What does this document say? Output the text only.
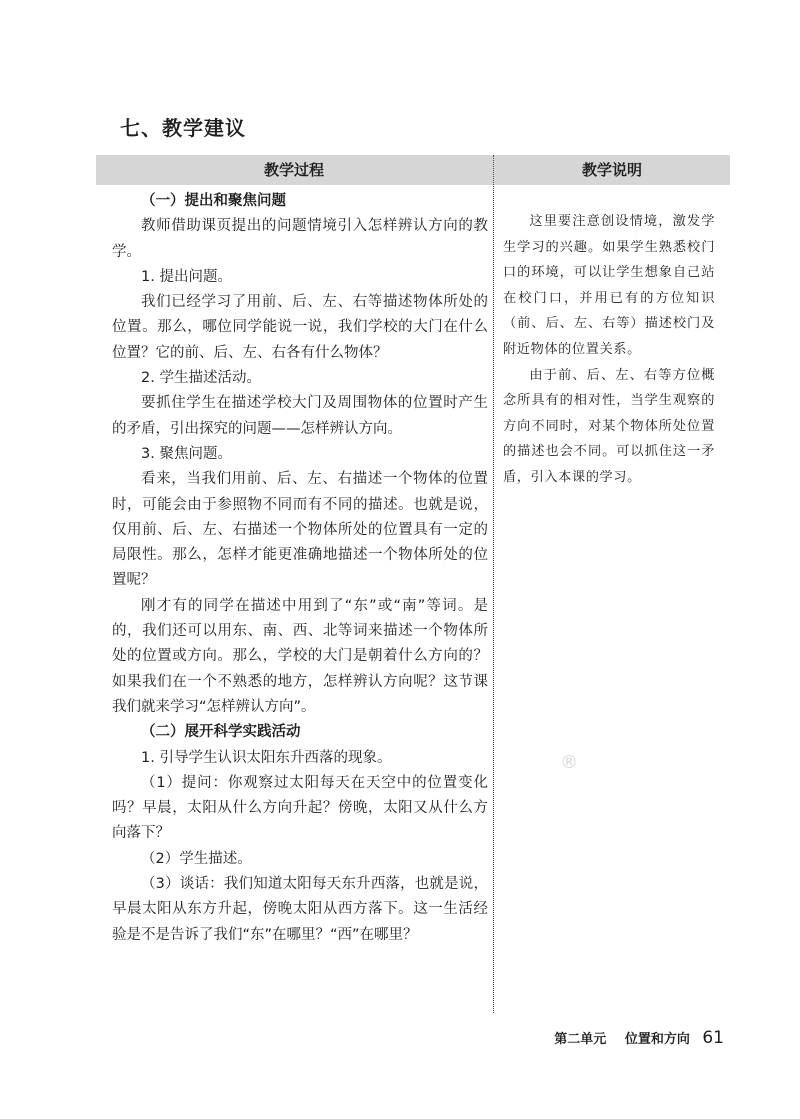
七、教学建议
教学过程	教学说明

（一）提出和聚焦问题

教师借助课页提出的问题情境引入怎样辨认方向的教学。

1. 提出问题。

我们已经学习了用前、后、左、右等描述物体所处的位置。那么，哪位同学能说一说，我们学校的大门在什么位置？它的前、后、左、右各有什么物体？

2. 学生描述活动。

要抓住学生在描述学校大门及周围物体的位置时产生的矛盾，引出探究的问题——怎样辨认方向。

3. 聚焦问题。

看来，当我们用前、后、左、右描述一个物体的位置时，可能会由于参照物不同而有不同的描述。也就是说，仅用前、后、左、右描述一个物体所处的位置具有一定的局限性。那么，怎样才能更准确地描述一个物体所处的位置呢？

刚才有的同学在描述中用到了“东”或“南”等词。是的，我们还可以用东、南、西、北等词来描述一个物体所处的位置或方向。那么，学校的大门是朝着什么方向的？如果我们在一个不熟悉的地方，怎样辨认方向呢？这节课我们就来学习“怎样辨认方向”。

（二）展开科学实践活动

1. 引导学生认识太阳东升西落的现象。

（1）提问：你观察过太阳每天在天空中的位置变化吗？早晨，太阳从什么方向升起？傍晚，太阳又从什么方向落下？

（2）学生描述。

（3）谈话：我们知道太阳每天东升西落，也就是说，早晨太阳从东方升起，傍晚太阳从西方落下。这一生活经验是不是告诉了我们“东”在哪里？“西”在哪里？

这里要注意创设情境，激发学生学习的兴趣。如果学生熟悉校门口的环境，可以让学生想象自己站在校门口，并用已有的方位知识（前、后、左、右等）描述校门及附近物体的位置关系。

由于前、后、左、右等方位概念所具有的相对性，当学生观察的方向不同时，对某个物体所处位置的描述也会不同。可以抓住这一矛盾，引入本课的学习。

®
第二单元 位置和方向 61
